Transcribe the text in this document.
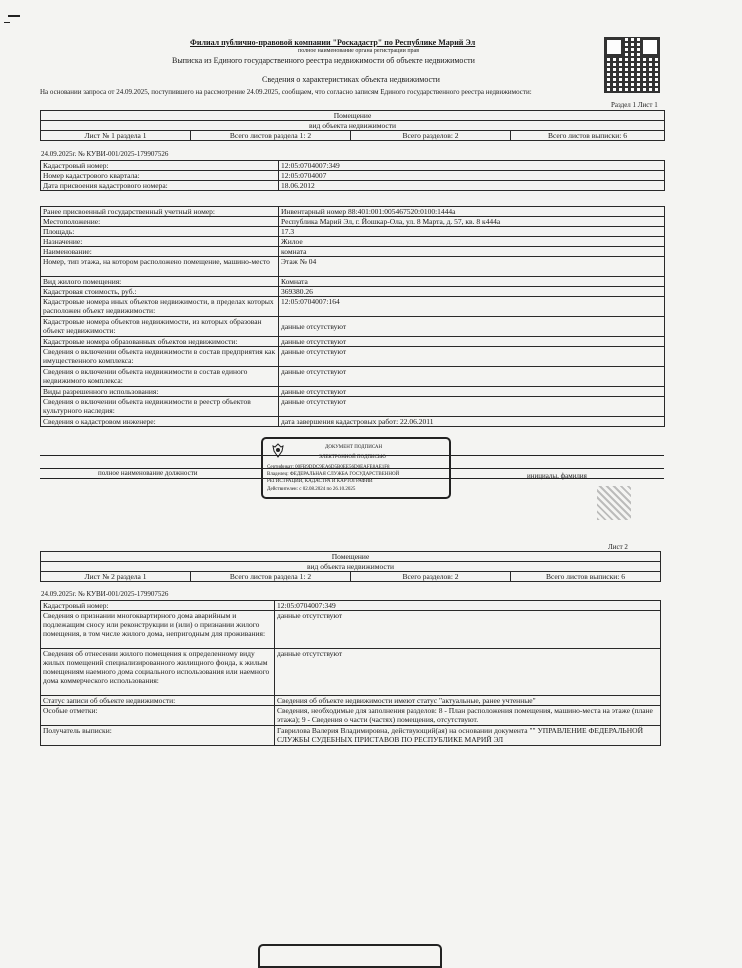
Филиал публично-правовой компании "Роскадастр" по Республике Марий Эл
полное наименование органа регистрации прав
Выписка из Единого государственного реестра недвижимости об объекте недвижимости
Сведения о характеристиках объекта недвижимости
На основании запроса от 24.09.2025, поступившего на рассмотрение 24.09.2025, сообщаем, что согласно записям Единого государственного реестра недвижимости:
Раздел 1 Лист 1
Помещение
вид объекта недвижимости
Лист № 1 раздела 1	Всего листов раздела 1: 2	Всего разделов: 2	Всего листов выписки: 6
24.09.2025г. № КУВИ-001/2025-179907526
Кадастровый номер:	12:05:0704007:349
Номер кадастрового квартала:	12:05:0704007
Дата присвоения кадастрового номера:	18.06.2012
Ранее присвоенный государственный учетный номер:	Инвентарный номер 88:401:001:005467520:0100:1444а
Местоположение:	Республика Марий Эл, г. Йошкар-Ола, ул. 8 Марта, д. 57, кв. 8 к444а
Площадь:	17.3
Назначение:	Жилое
Наименование:	комната
Номер, тип этажа, на котором расположено помещение, машино-место	Этаж № 04
Вид жилого помещения:	Комната
Кадастровая стоимость, руб.:	369380.26
Кадастровые номера иных объектов недвижимости, в пределах которых расположен объект недвижимости:	12:05:0704007:164
Кадастровые номера объектов недвижимости, из которых образован объект недвижимости:	данные отсутствуют
Кадастровые номера образованных объектов недвижимости:	данные отсутствуют
Сведения о включении объекта недвижимости в состав предприятия как имущественного комплекса:	данные отсутствуют
Сведения о включении объекта недвижимости в состав единого недвижимого комплекса:	данные отсутствуют
Виды разрешенного использования:	данные отсутствуют
Сведения о включении объекта недвижимости в реестр объектов культурного наследия:	данные отсутствуют
Сведения о кадастровом инженере:	дата завершения кадастровых работ: 22.06.2011
полное наименование должности	инициалы, фамилия
ДОКУМЕНТ ПОДПИСАН
ЭЛЕКТРОННОЙ ПОДПИСЬЮ
Сертификат: 00FB9DDC9EA6D5B0EE56D0EAFE8AE1F8
Владелец: ФЕДЕРАЛЬНАЯ СЛУЖБА ГОСУДАРСТВЕННОЙ
РЕГИСТРАЦИИ, КАДАСТРА И КАРТОГРАФИИ
Действителен: с 02.08.2024 по 26.10.2025
Лист 2
Помещение
вид объекта недвижимости
Лист № 2 раздела 1	Всего листов раздела 1: 2	Всего разделов: 2	Всего листов выписки: 6
24.09.2025г. № КУВИ-001/2025-179907526
Кадастровый номер:	12:05:0704007:349
Сведения о признании многоквартирного дома аварийным и подлежащим сносу или реконструкции и (или) о признании жилого помещения, в том числе жилого дома, непригодным для проживания:	данные отсутствуют
Сведения об отнесении жилого помещения к определенному виду жилых помещений специализированного жилищного фонда, к жилым помещениям наемного дома социального использования или наемного дома коммерческого использования:	данные отсутствуют
Статус записи об объекте недвижимости:	Сведения об объекте недвижимости имеют статус "актуальные, ранее учтенные"
Особые отметки:	Сведения, необходимые для заполнения разделов: 8 - План расположения помещения, машино-места на этаже (плане этажа); 9 - Сведения о части (частях) помещения, отсутствуют.
Получатель выписки:	Гаврилова Валерия Владимировна, действующий(ая) на основании документа "" УПРАВЛЕНИЕ ФЕДЕРАЛЬНОЙ СЛУЖБЫ СУДЕБНЫХ ПРИСТАВОВ ПО РЕСПУБЛИКЕ МАРИЙ ЭЛ
